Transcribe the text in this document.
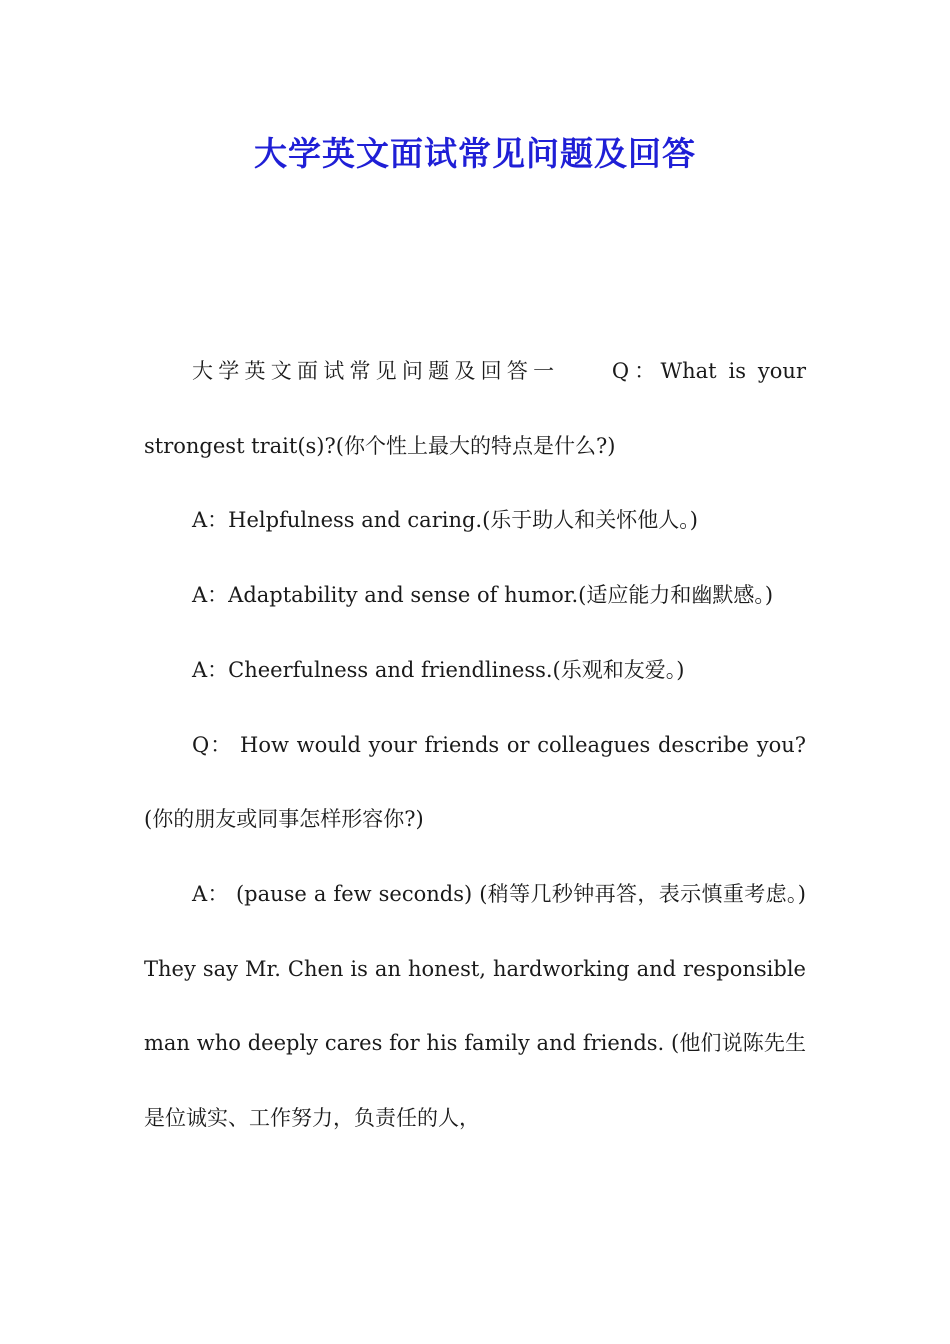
大学英文面试常见问题及回答

大学英文面试常见问题及回答一　　Q：What is your strongest trait(s)?(你个性上最大的特点是什么?)

A：Helpfulness and caring.(乐于助人和关怀他人。)

A：Adaptability and sense of humor.(适应能力和幽默感。)

A：Cheerfulness and friendliness.(乐观和友爱。)

Q： How would your friends or colleagues describe you?(你的朋友或同事怎样形容你?)

A： (pause a few seconds) (稍等几秒钟再答，表示慎重考虑。) They say Mr. Chen is an honest, hardworking and responsible man who deeply cares for his family and friends. (他们说陈先生是位诚实、工作努力，负责任的人，
